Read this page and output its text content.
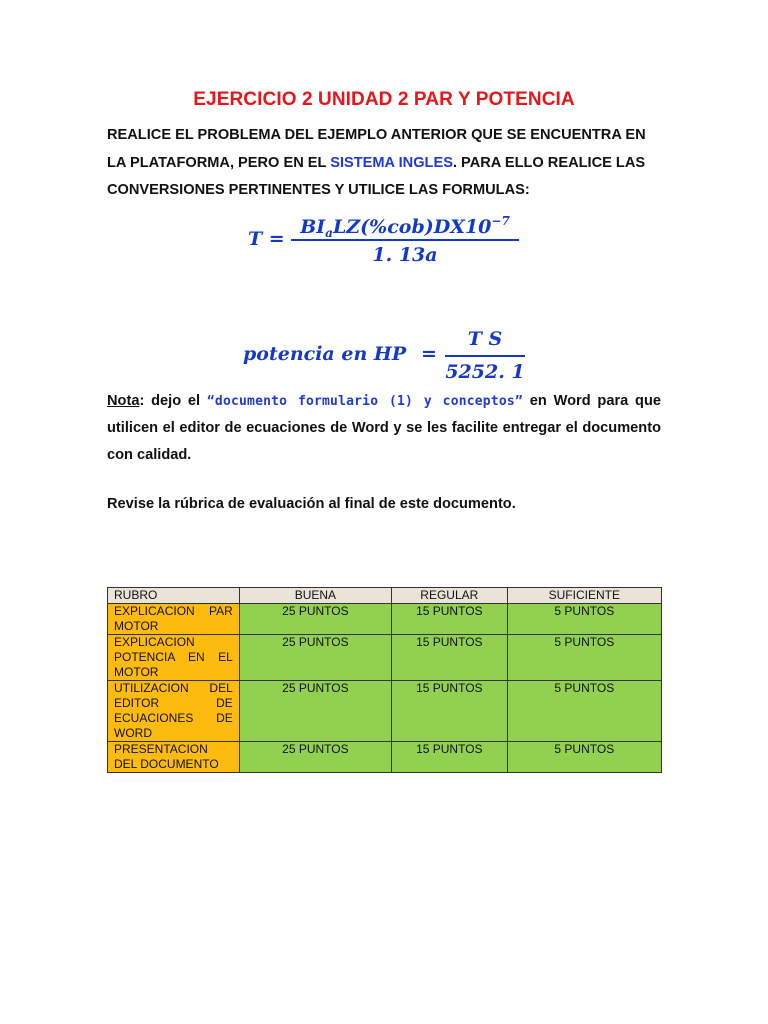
EJERCICIO 2 UNIDAD 2 PAR Y POTENCIA
REALICE EL PROBLEMA DEL EJEMPLO ANTERIOR QUE SE ENCUENTRA EN LA PLATAFORMA, PERO EN EL SISTEMA INGLES. PARA ELLO REALICE LAS CONVERSIONES PERTINENTES Y UTILICE LAS FORMULAS:
T =
$BI_aLZ(\%cob)DX10^{-7}$
1. 13a
potencia en HP =
T S
5252. 1
Nota: dejo el “documento formulario (1) y conceptos” en Word para que utilicen el editor de ecuaciones de Word y se les facilite entregar el documento con calidad.
Revise la rúbrica de evaluación al final de este documento.
RUBRO	BUENA	REGULAR	SUFICIENTE
EXPLICACION PAR MOTOR	25 PUNTOS	15 PUNTOS	5 PUNTOS
EXPLICACION POTENCIA EN EL MOTOR	25 PUNTOS	15 PUNTOS	5 PUNTOS
UTILIZACION DEL EDITOR DE ECUACIONES DE WORD	25 PUNTOS	15 PUNTOS	5 PUNTOS
PRESENTACION DEL DOCUMENTO	25 PUNTOS	15 PUNTOS	5 PUNTOS
